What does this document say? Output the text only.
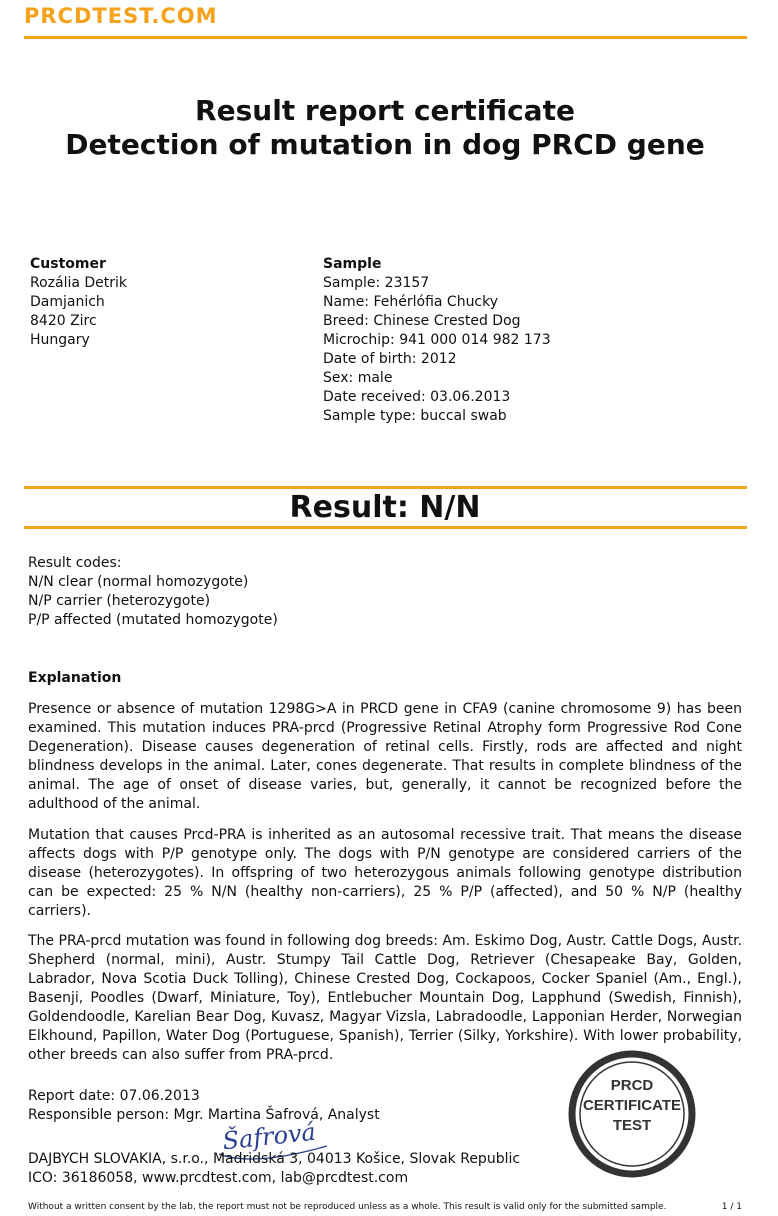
PRCDTEST.COM
Result report certificate
Detection of mutation in dog PRCD gene
Customer
Rozália Detrik
Damjanich
8420 Zirc
Hungary
Sample
Sample: 23157
Name: Fehérlófia Chucky
Breed: Chinese Crested Dog
Microchip: 941 000 014 982 173
Date of birth: 2012
Sex: male
Date received: 03.06.2013
Sample type: buccal swab
Result: N/N
Result codes:
N/N clear (normal homozygote)
N/P carrier (heterozygote)
P/P affected (mutated homozygote)
Explanation
Presence or absence of mutation 1298G>A in PRCD gene in CFA9 (canine chromosome 9) has been examined. This mutation induces PRA-prcd (Progressive Retinal Atrophy form Progressive Rod Cone Degeneration). Disease causes degeneration of retinal cells. Firstly, rods are affected and night blindness develops in the animal. Later, cones degenerate. That results in complete blindness of the animal. The age of onset of disease varies, but, generally, it cannot be recognized before the adulthood of the animal.
Mutation that causes Prcd-PRA is inherited as an autosomal recessive trait. That means the disease affects dogs with P/P genotype only. The dogs with P/N genotype are considered carriers of the disease (heterozygotes). In offspring of two heterozygous animals following genotype distribution can be expected: 25 % N/N (healthy non-carriers), 25 % P/P (affected), and 50 % N/P (healthy carriers).
The PRA-prcd mutation was found in following dog breeds: Am. Eskimo Dog, Austr. Cattle Dogs, Austr. Shepherd (normal, mini), Austr. Stumpy Tail Cattle Dog, Retriever (Chesapeake Bay, Golden, Labrador, Nova Scotia Duck Tolling), Chinese Crested Dog, Cockapoos, Cocker Spaniel (Am., Engl.), Basenji, Poodles (Dwarf, Miniature, Toy), Entlebucher Mountain Dog, Lapphund (Swedish, Finnish), Goldendoodle, Karelian Bear Dog, Kuvasz, Magyar Vizsla, Labradoodle, Lapponian Herder, Norwegian Elkhound, Papillon, Water Dog (Portuguese, Spanish), Terrier (Silky, Yorkshire). With lower probability, other breeds can also suffer from PRA-prcd.
Report date: 07.06.2013
Responsible person: Mgr. Martina Šafrová, Analyst
Šafrová
DAJBYCH SLOVAKIA, s.r.o., Madridská 3, 04013 Košice, Slovak Republic
ICO: 36186058, www.prcdtest.com, lab@prcdtest.com
PRCD
CERTIFICATE
TEST
Without a written consent by the lab, the report must not be reproduced unless as a whole. This result is valid only for the submitted sample.	1 / 1
